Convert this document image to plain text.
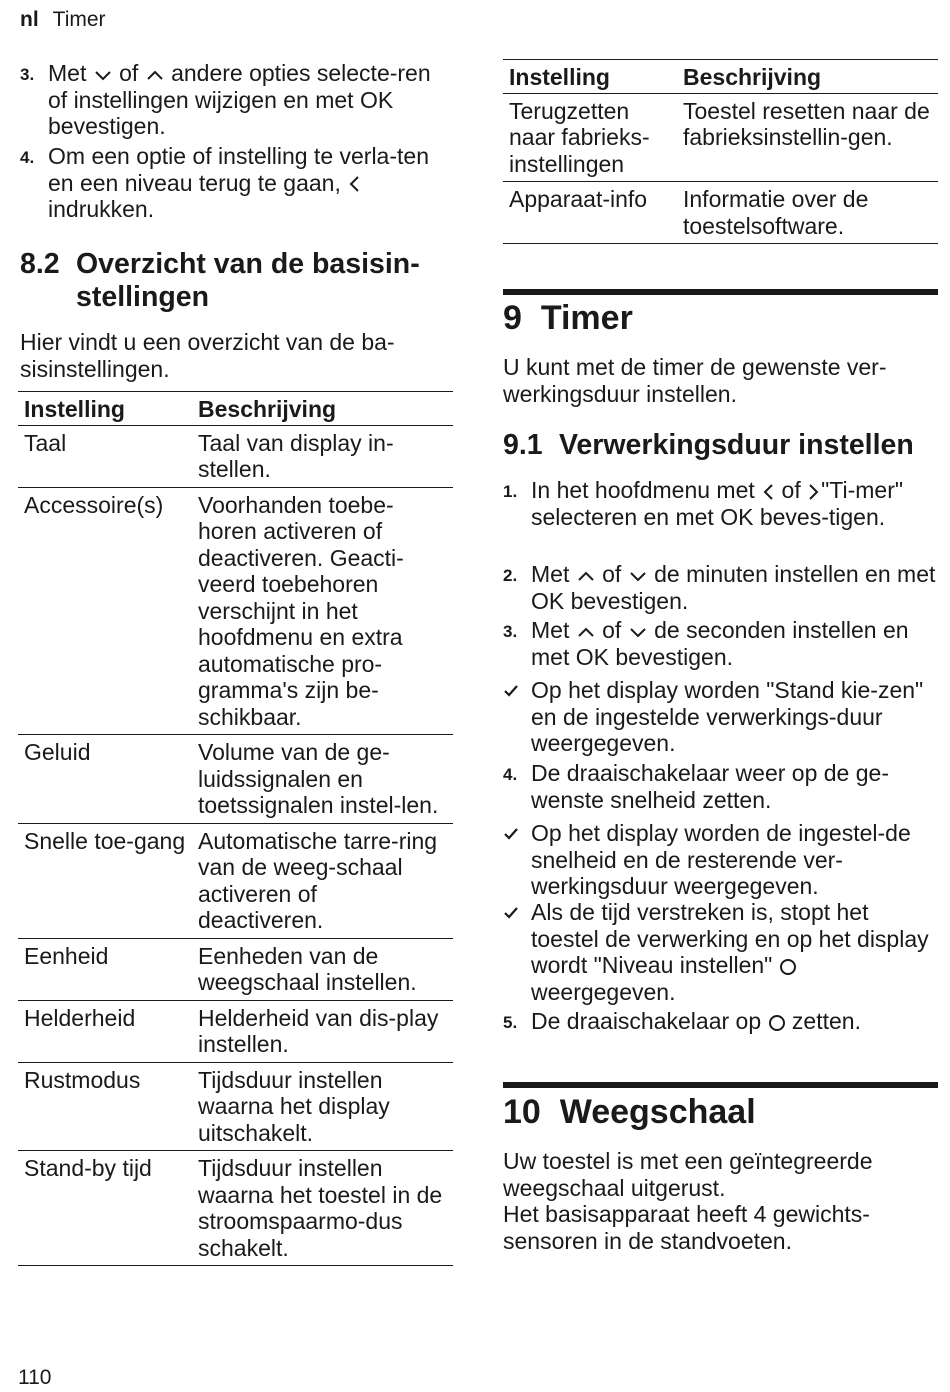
nl Timer
3. Met  of  andere opties selecte-ren of instellingen wijzigen en met OK bevestigen.
4. Om een optie of instelling te verla-ten en een niveau terug te gaan,  indrukken.
8.2 Overzicht van de basisin-
stellingen
Hier vindt u een overzicht van de ba-sisinstellingen.
Instelling	Beschrijving
Taal	Taal van display in-stellen.
Accessoire(s)	Voorhanden toebe-horen activeren of deactiveren. Geacti-veerd toebehoren verschijnt in het hoofdmenu en extra automatische pro-gramma's zijn be-schikbaar.
Geluid	Volume van de ge-luidssignalen en toetssignalen instel-len.
Snelle toe-gang	Automatische tarre-ring van de weeg-schaal activeren of deactiveren.
Eenheid	Eenheden van de weegschaal instellen.
Helderheid	Helderheid van dis-play instellen.
Rustmodus	Tijdsduur instellen waarna het display uitschakelt.
Stand-by tijd	Tijdsduur instellen waarna het toestel in de stroomspaarmo-dus schakelt.
Instelling	Beschrijving
Terugzetten naar fabrieks-instellingen	Toestel resetten naar de fabrieksinstellin-gen.
Apparaat-info	Informatie over de toestelsoftware.
9 Timer
U kunt met de timer de gewenste ver-werkingsduur instellen.
9.1 Verwerkingsduur instellen
1. In het hoofdmenu met  of "Ti-mer" selecteren en met OK beves-tigen.
2. Met  of  de minuten instellen en met OK bevestigen.
3. Met  of  de seconden instellen en met OK bevestigen.
Op het display worden "Stand kie-zen" en de ingestelde verwerkings-duur weergegeven.
4. De draaischakelaar weer op de ge-wenste snelheid zetten.
Op het display worden de ingestel-de snelheid en de resterende ver-werkingsduur weergegeven.
Als de tijd verstreken is, stopt het toestel de verwerking en op het display wordt "Niveau instellen"  weergegeven.
5. De draaischakelaar op  zetten.
10 Weegschaal
Uw toestel is met een geïntegreerde weegschaal uitgerust.
Het basisapparaat heeft 4 gewichts-sensoren in de standvoeten.
110
